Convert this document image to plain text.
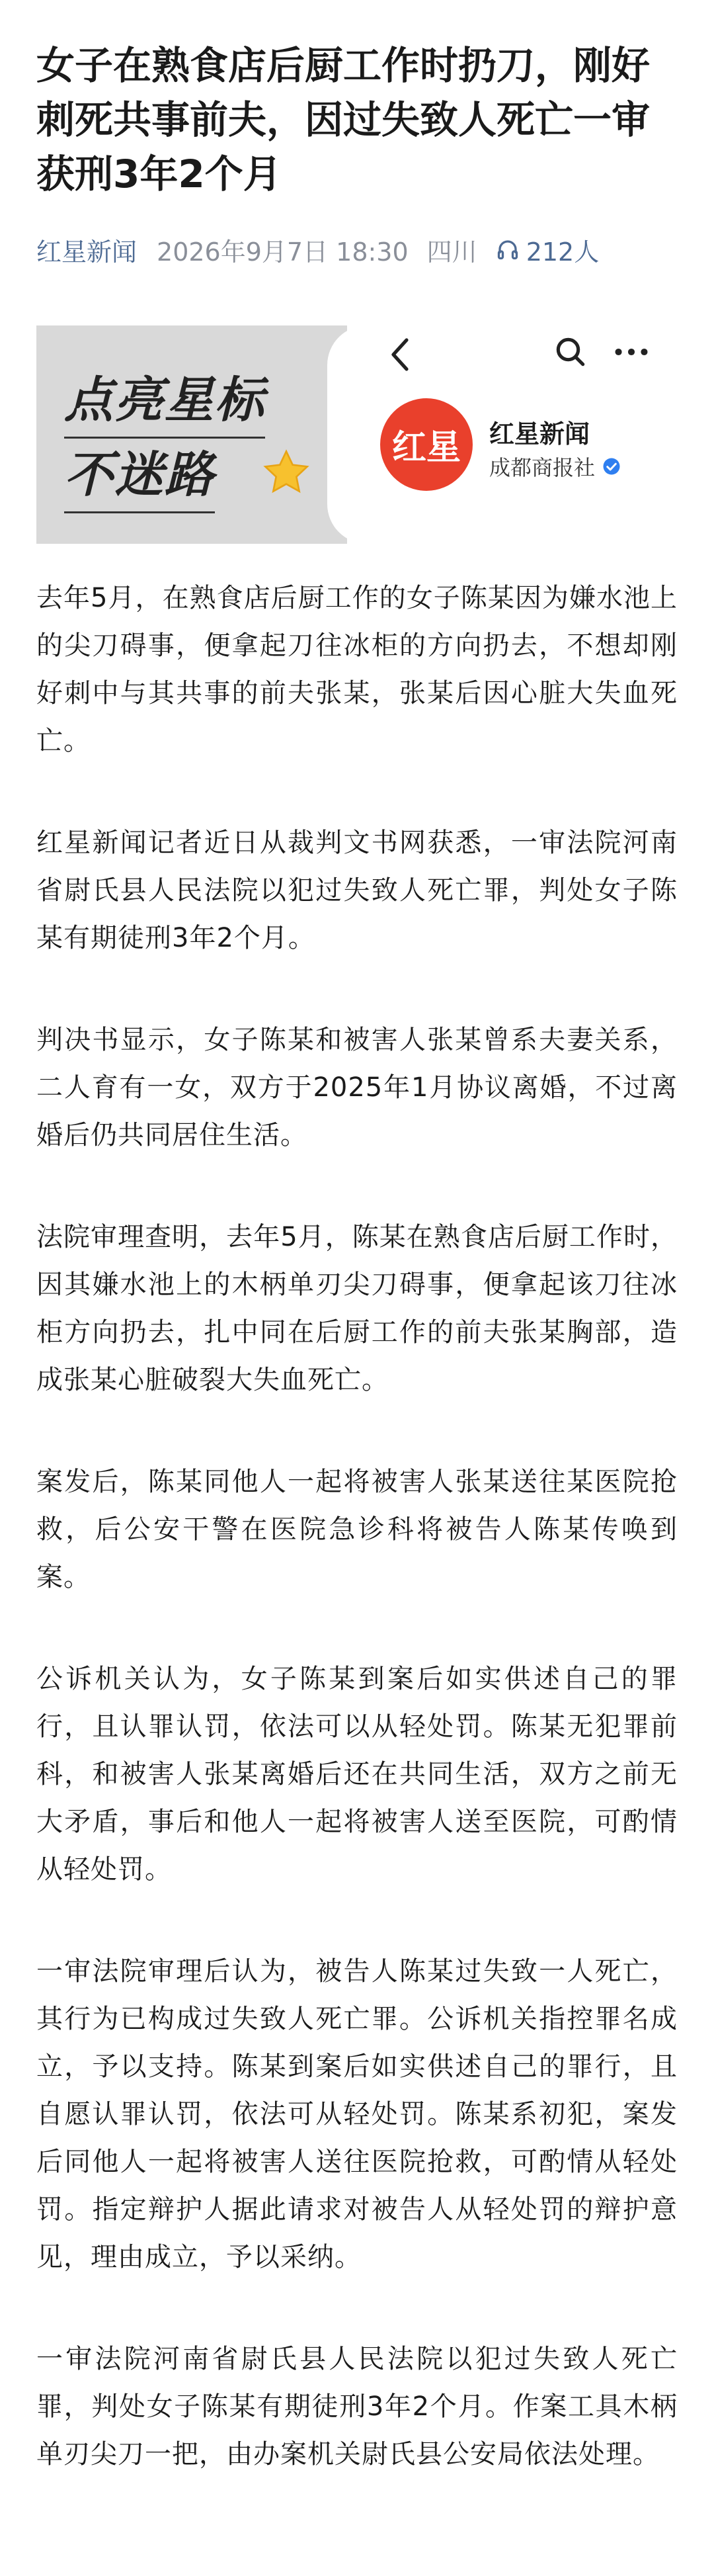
女子在熟食店后厨工作时扔刀，刚好刺死共事前夫，因过失致人死亡一审获刑3年2个月
红星新闻 2026年9月7日 18:30 四川 212人
点亮星标
不迷路	红星 红星新闻
成都商报社

去年5月，在熟食店后厨工作的女子陈某因为嫌水池上的尖刀碍事，便拿起刀往冰柜的方向扔去，不想却刚好刺中与其共事的前夫张某，张某后因心脏大失血死亡。

红星新闻记者近日从裁判文书网获悉，一审法院河南省尉氏县人民法院以犯过失致人死亡罪，判处女子陈某有期徒刑3年2个月。

判决书显示，女子陈某和被害人张某曾系夫妻关系，二人育有一女，双方于2025年1月协议离婚，不过离婚后仍共同居住生活。

法院审理查明，去年5月，陈某在熟食店后厨工作时，因其嫌水池上的木柄单刃尖刀碍事，便拿起该刀往冰柜方向扔去，扎中同在后厨工作的前夫张某胸部，造成张某心脏破裂大失血死亡。

案发后，陈某同他人一起将被害人张某送往某医院抢救，后公安干警在医院急诊科将被告人陈某传唤到案。

公诉机关认为，女子陈某到案后如实供述自己的罪行，且认罪认罚，依法可以从轻处罚。陈某无犯罪前科，和被害人张某离婚后还在共同生活，双方之前无大矛盾，事后和他人一起将被害人送至医院，可酌情从轻处罚。

一审法院审理后认为，被告人陈某过失致一人死亡，其行为已构成过失致人死亡罪。公诉机关指控罪名成立，予以支持。陈某到案后如实供述自己的罪行，且自愿认罪认罚，依法可从轻处罚。陈某系初犯，案发后同他人一起将被害人送往医院抢救，可酌情从轻处罚。指定辩护人据此请求对被告人从轻处罚的辩护意见，理由成立，予以采纳。

一审法院河南省尉氏县人民法院以犯过失致人死亡罪，判处女子陈某有期徒刑3年2个月。作案工具木柄单刃尖刀一把，由办案机关尉氏县公安局依法处理。
